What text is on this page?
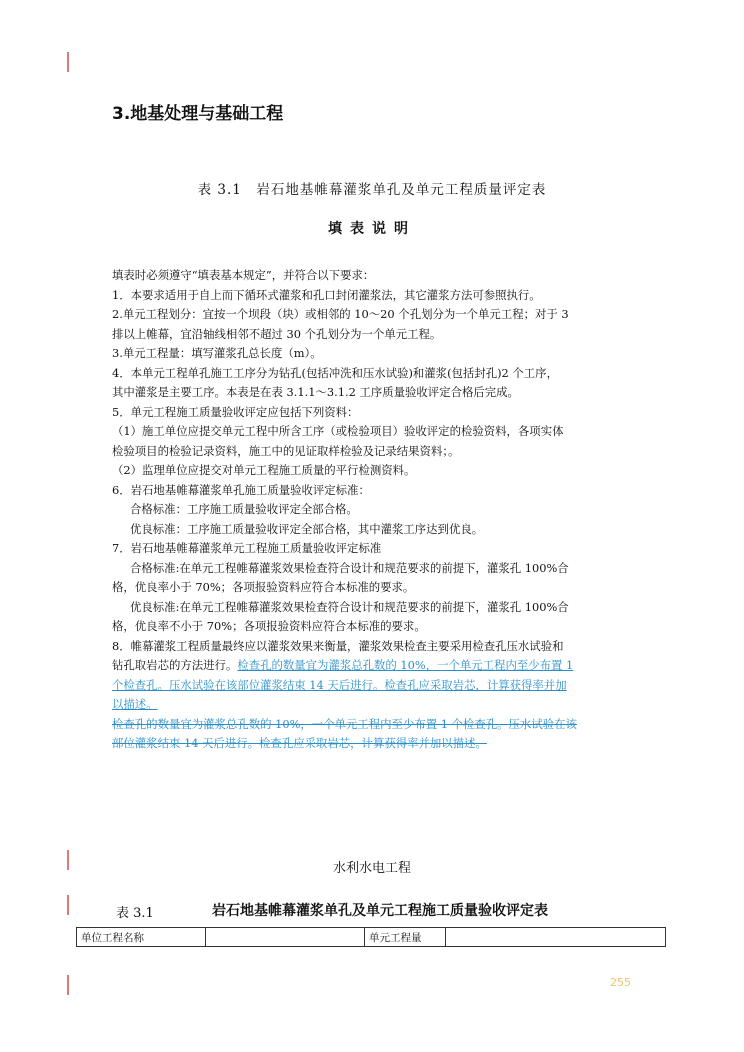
3.地基处理与基础工程
表 3.1　岩石地基帷幕灌浆单孔及单元工程质量评定表
填表说明
填表时必须遵守“填表基本规定”，并符合以下要求：
1．本要求适用于自上而下循环式灌浆和孔口封闭灌浆法，其它灌浆方法可参照执行。
2.单元工程划分：宜按一个坝段（块）或相邻的 10～20 个孔划分为一个单元工程；对于 3
排以上帷幕，宜沿轴线相邻不超过 30 个孔划分为一个单元工程。
3.单元工程量：填写灌浆孔总长度（m）。
4．本单元工程单孔施工工序分为钻孔(包括冲洗和压水试验)和灌浆(包括封孔)2 个工序，
其中灌浆是主要工序。本表是在表 3.1.1～3.1.2 工序质量验收评定合格后完成。
5．单元工程施工质量验收评定应包括下列资料：
（1）施工单位应提交单元工程中所含工序（或检验项目）验收评定的检验资料，各项实体
检验项目的检验记录资料，施工中的见证取样检验及记录结果资料；。
（2）监理单位应提交对单元工程施工质量的平行检测资料。
6．岩石地基帷幕灌浆单孔施工质量验收评定标准：
合格标准：工序施工质量验收评定全部合格。
优良标准：工序施工质量验收评定全部合格，其中灌浆工序达到优良。
7．岩石地基帷幕灌浆单元工程施工质量验收评定标准
合格标准:在单元工程帷幕灌浆效果检查符合设计和规范要求的前提下，灌浆孔 100%合
格，优良率小于 70%；各项报验资料应符合本标准的要求。
优良标准:在单元工程帷幕灌浆效果检查符合设计和规范要求的前提下，灌浆孔 100%合
格，优良率不小于 70%；各项报验资料应符合本标准的要求。
8．帷幕灌浆工程质量最终应以灌浆效果来衡量，灌浆效果检查主要采用检查孔压水试验和
钻孔取岩芯的方法进行。检查孔的数量宜为灌浆总孔数的 10%，一个单元工程内至少布置 1
个检查孔。压水试验在该部位灌浆结束 14 天后进行。检查孔应采取岩芯，计算获得率并加
以描述。
检查孔的数量宜为灌浆总孔数的 10%，一个单元工程内至少布置 1 个检查孔。压水试验在该
部位灌浆结束 14 天后进行。检查孔应采取岩芯，计算获得率并加以描述。
水利水电工程
表 3.1	岩石地基帷幕灌浆单孔及单元工程施工质量验收评定表
单位工程名称		单元工程量	
255
